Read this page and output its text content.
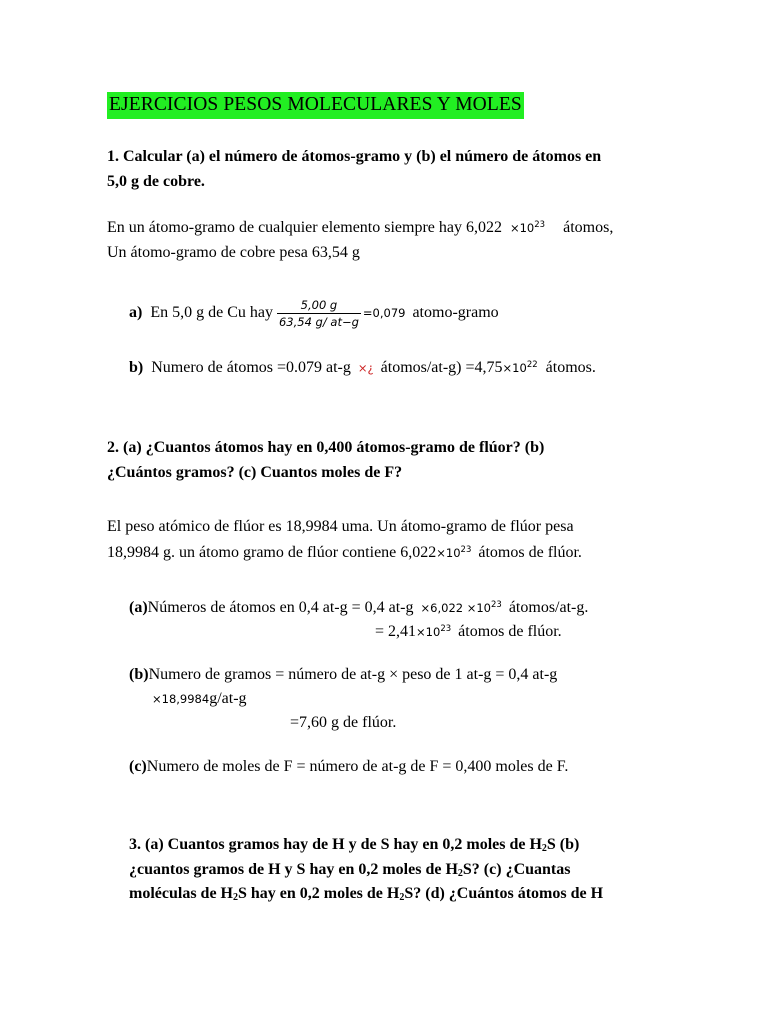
EJERCICIOS PESOS MOLECULARES Y MOLES
1. Calcular (a) el número de átomos-gramo y (b) el número de átomos en
5,0 g de cobre.
En un átomo-gramo de cualquier elemento siempre hay $6,022 \times 10^{23}$ átomos,
Un átomo-gramo de cobre pesa 63,54 g
a) En 5,0 g de Cu hay $\frac{5,00 g}{63,54 g/ at-g} =0,079$ atomo-gramo
b) Numero de átomos =0.079 at-g ×¿ átomos/at-g) $=4,75\times 10^{22}$ átomos.
2. (a) ¿Cuantos átomos hay en 0,400 átomos-gramo de flúor? (b)
¿Cuántos gramos? (c) Cuantos moles de F?
El peso atómico de flúor es 18,9984 uma. Un átomo-gramo de flúor pesa
18,9984 g. un átomo gramo de flúor contiene $6,022\times 10^{23}$ átomos de flúor.
(a)Números de átomos en 0,4 at-g = 0,4 $at-g \times 6,022 \times 10^{23}$ átomos/at-g.
= $2,41\times 10^{23}$ átomos de flúor.
(b)Numero de gramos = número de at-g × peso de 1 at-g = 0,4 at-g
×18,9984g/at-g
=7,60 g de flúor.
(c)Numero de moles de F = número de at-g de F = 0,400 moles de F.
3. (a) Cuantos gramos hay de H y de S hay en 0,2 moles de $H_2S$ (b)
¿cuantos gramos de H y S hay en 0,2 moles de $H_2S$? (c) ¿Cuantas
moléculas de $H_2S$ hay en 0,2 moles de $H_2S$? (d) ¿Cuántos átomos de H
